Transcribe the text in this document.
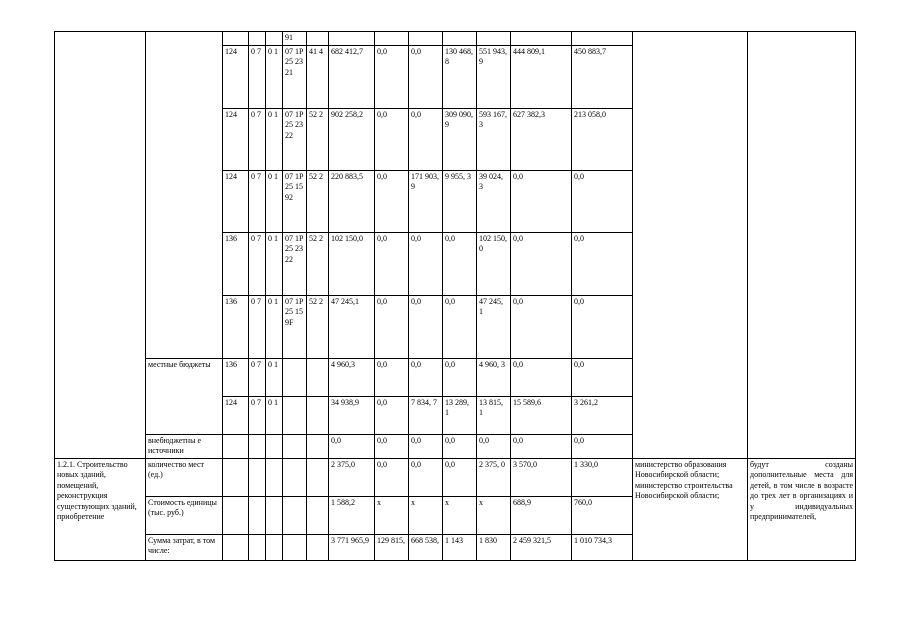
					91										
		124	0 7	0 1	07 1P 25 23 21	41 4	682 412,7	0,0	0,0	130 468, 8	551 943, 9	444 809,1	450 883,7		
		124	0 7	0 1	07 1P 25 23 22	52 2	902 258,2	0,0	0,0	309 090, 9	593 167, 3	627 382,3	213 058,0		
		124	0 7	0 1	07 1P 25 15 92	52 2	220 883,5	0,0	171 903, 9	9 955, 3	39 024, 3	0,0	0,0		
		136	0 7	0 1	07 1P 25 23 22	52 2	102 150,0	0,0	0,0	0,0	102 150, 0	0,0	0,0		
		136	0 7	0 1	07 1P 25 15 9F	52 2	47 245,1	0,0	0,0	0,0	47 245, 1	0,0	0,0		
	местные бюджеты	136	0 7	0 1			4 960,3	0,0	0,0	0,0	4 960, 3	0,0	0,0		
		124	0 7	0 1			34 938,9	0,0	7 834, 7	13 289, 1	13 815, 1	15 589,6	3 261,2		
	внебюджетны е источники						0,0	0,0	0,0	0,0	0,0	0,0	0,0		
1.2.1. Строительство новых зданий, помещений, реконструкция существующих зданий, приобретение	количество мест (ед.)						2 375,0	0,0	0,0	0,0	2 375, 0	3 570,0	1 330,0	министерство образования Новосибирской области; министерство строительства Новосибирской области;	будут созданы дополнительные места для детей, в том числе в возрасте до трех лет в организациях и у индивидуальных предпринимателей,
	Стоимость единицы (тыс. руб.)						1 588,2	x	x	x	x	688,9	760,0		
	Сумма затрат, в том числе:						3 771 965,9	129 815,	668 538,	1 143	1 830	2 459 321,5	1 010 734,3		
